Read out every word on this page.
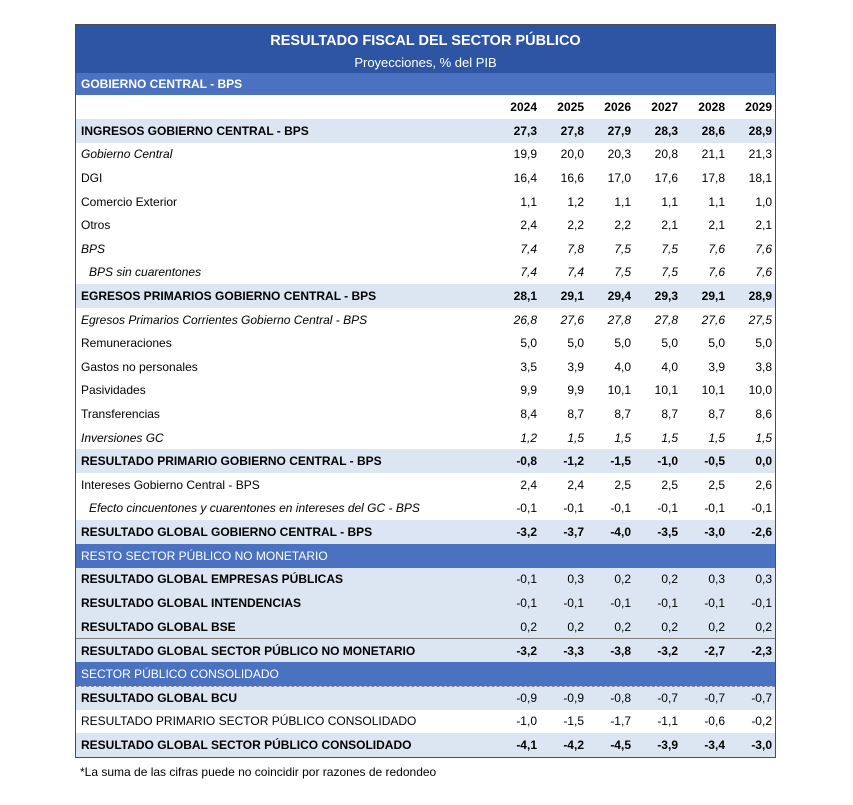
RESULTADO FISCAL DEL SECTOR PÚBLICO
Proyecciones, % del PIB
GOBIERNO CENTRAL - BPS
2024	2025	2026	2027	2028	2029
INGRESOS GOBIERNO CENTRAL - BPS	27,3	27,8	27,9	28,3	28,6	28,9
Gobierno Central	19,9	20,0	20,3	20,8	21,1	21,3
DGI	16,4	16,6	17,0	17,6	17,8	18,1
Comercio Exterior	1,1	1,2	1,1	1,1	1,1	1,0
Otros	2,4	2,2	2,2	2,1	2,1	2,1
BPS	7,4	7,8	7,5	7,5	7,6	7,6
BPS sin cuarentones	7,4	7,4	7,5	7,5	7,6	7,6
EGRESOS PRIMARIOS GOBIERNO CENTRAL - BPS	28,1	29,1	29,4	29,3	29,1	28,9
Egresos Primarios Corrientes Gobierno Central - BPS	26,8	27,6	27,8	27,8	27,6	27,5
Remuneraciones	5,0	5,0	5,0	5,0	5,0	5,0
Gastos no personales	3,5	3,9	4,0	4,0	3,9	3,8
Pasividades	9,9	9,9	10,1	10,1	10,1	10,0
Transferencias	8,4	8,7	8,7	8,7	8,7	8,6
Inversiones GC	1,2	1,5	1,5	1,5	1,5	1,5
RESULTADO PRIMARIO GOBIERNO CENTRAL - BPS	-0,8	-1,2	-1,5	-1,0	-0,5	0,0
Intereses Gobierno Central - BPS	2,4	2,4	2,5	2,5	2,5	2,6
Efecto cincuentones y cuarentones en intereses del GC - BPS	-0,1	-0,1	-0,1	-0,1	-0,1	-0,1
RESULTADO GLOBAL GOBIERNO CENTRAL - BPS	-3,2	-3,7	-4,0	-3,5	-3,0	-2,6
RESTO SECTOR PÚBLICO NO MONETARIO
RESULTADO GLOBAL EMPRESAS PÚBLICAS	-0,1	0,3	0,2	0,2	0,3	0,3
RESULTADO GLOBAL INTENDENCIAS	-0,1	-0,1	-0,1	-0,1	-0,1	-0,1
RESULTADO GLOBAL BSE	0,2	0,2	0,2	0,2	0,2	0,2
RESULTADO GLOBAL SECTOR PÚBLICO NO MONETARIO	-3,2	-3,3	-3,8	-3,2	-2,7	-2,3
SECTOR PÚBLICO CONSOLIDADO
RESULTADO GLOBAL BCU	-0,9	-0,9	-0,8	-0,7	-0,7	-0,7
RESULTADO PRIMARIO SECTOR PÚBLICO CONSOLIDADO	-1,0	-1,5	-1,7	-1,1	-0,6	-0,2
RESULTADO GLOBAL SECTOR PÚBLICO CONSOLIDADO	-4,1	-4,2	-4,5	-3,9	-3,4	-3,0
*La suma de las cifras puede no coincidir por razones de redondeo
